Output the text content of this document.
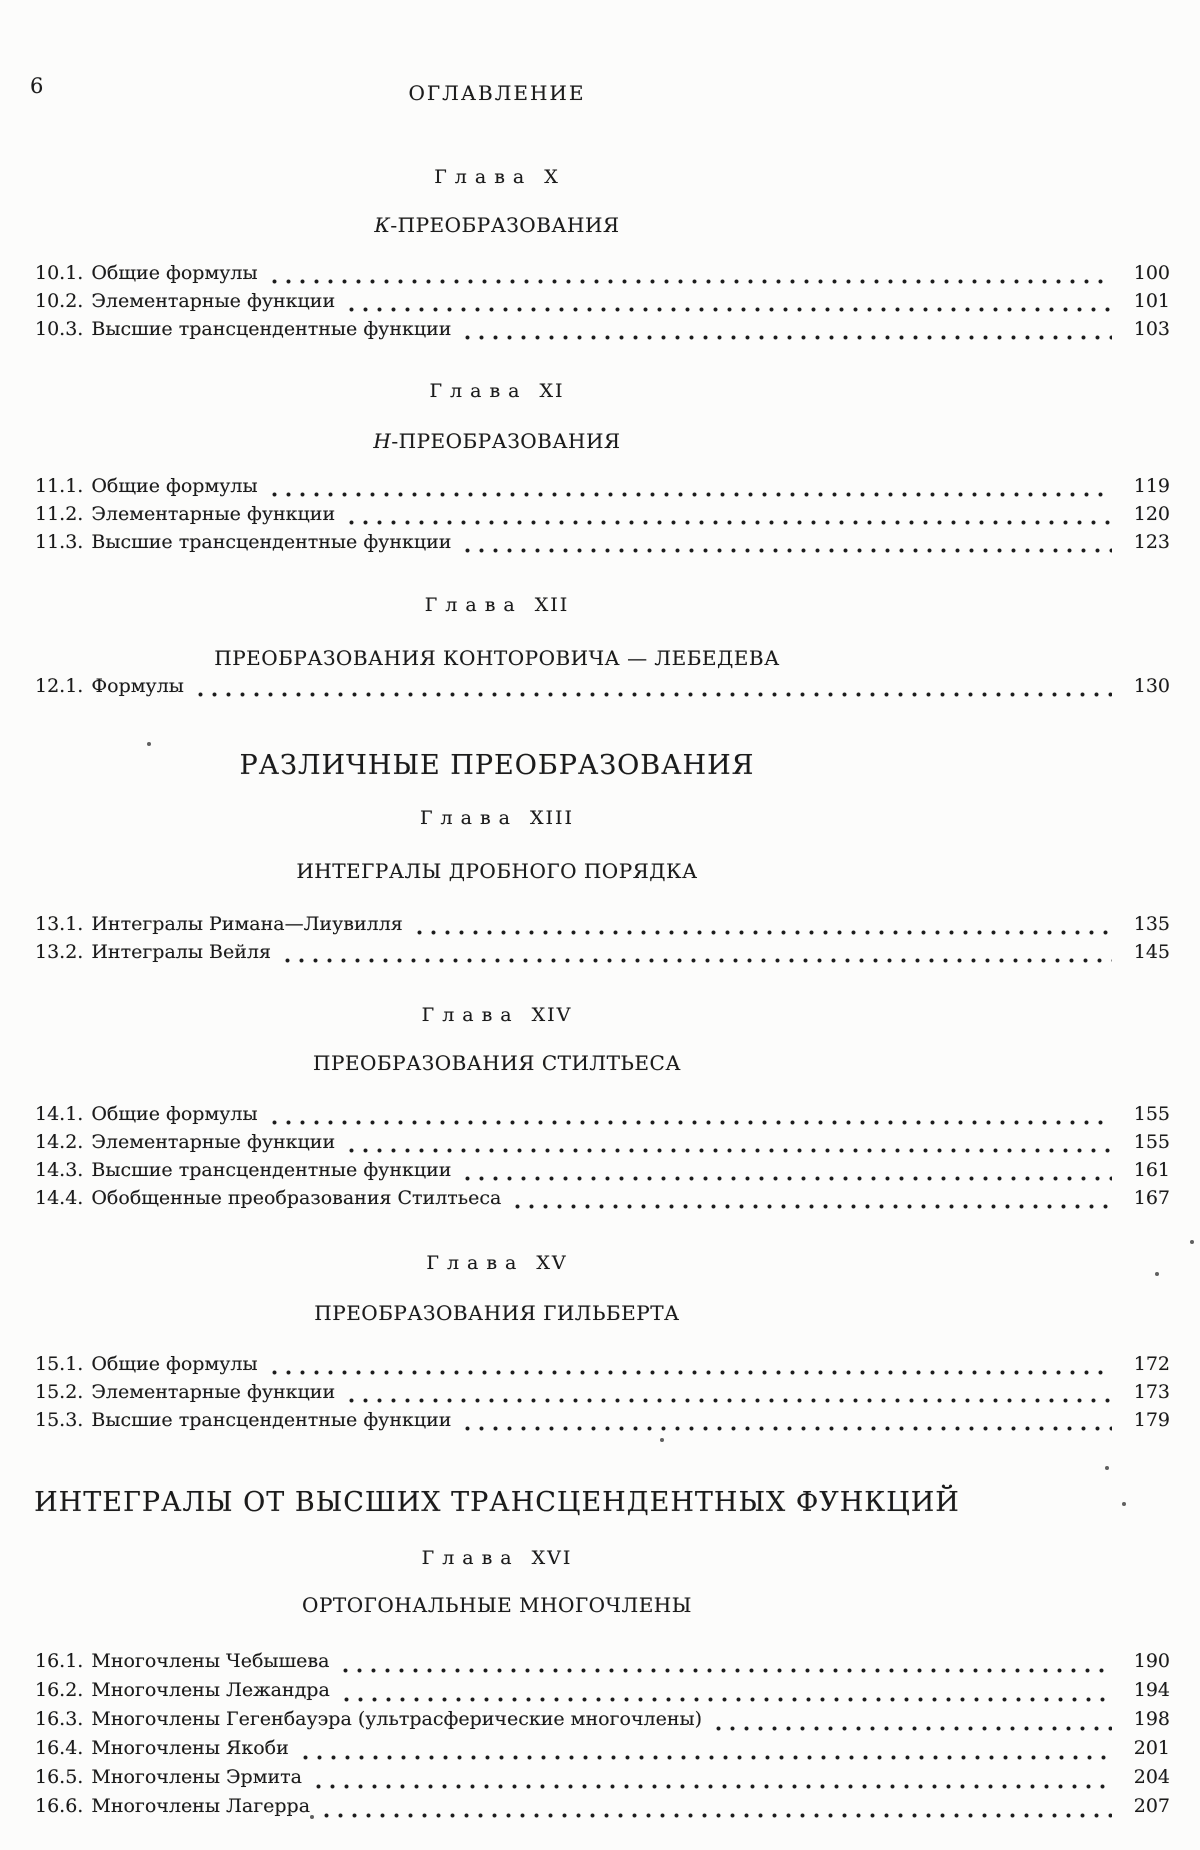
6	ОГЛАВЛЕНИЕ
Глава X
К-ПРЕОБРАЗОВАНИЯ
10.1. Общие формулы	100
10.2. Элементарные функции	101
10.3. Высшие трансцендентные функции	103
Глава XI
Н-ПРЕОБРАЗОВАНИЯ
11.1. Общие формулы	119
11.2. Элементарные функции	120
11.3. Высшие трансцендентные функции	123
Глава XII
ПРЕОБРАЗОВАНИЯ КОНТОРОВИЧА — ЛЕБЕДЕВА
12.1. Формулы	130
РАЗЛИЧНЫЕ ПРЕОБРАЗОВАНИЯ
Глава XIII
ИНТЕГРАЛЫ ДРОБНОГО ПОРЯДКА
13.1. Интегралы Римана—Лиувилля	135
13.2. Интегралы Вейля	145
Глава XIV
ПРЕОБРАЗОВАНИЯ СТИЛТЬЕСА
14.1. Общие формулы	155
14.2. Элементарные функции	155
14.3. Высшие трансцендентные функции	161
14.4. Обобщенные преобразования Стилтьеса	167
Глава XV
ПРЕОБРАЗОВАНИЯ ГИЛЬБЕРТА
15.1. Общие формулы	172
15.2. Элементарные функции	173
15.3. Высшие трансцендентные функции	179
ИНТЕГРАЛЫ ОТ ВЫСШИХ ТРАНСЦЕНДЕНТНЫХ ФУНКЦИЙ
Глава XVI
ОРТОГОНАЛЬНЫЕ МНОГОЧЛЕНЫ
16.1. Многочлены Чебышева	190
16.2. Многочлены Лежандра	194
16.3. Многочлены Гегенбауэра (ультрасферические многочлены)	198
16.4. Многочлены Якоби	201
16.5. Многочлены Эрмита	204
16.6. Многочлены Лагерра	207
